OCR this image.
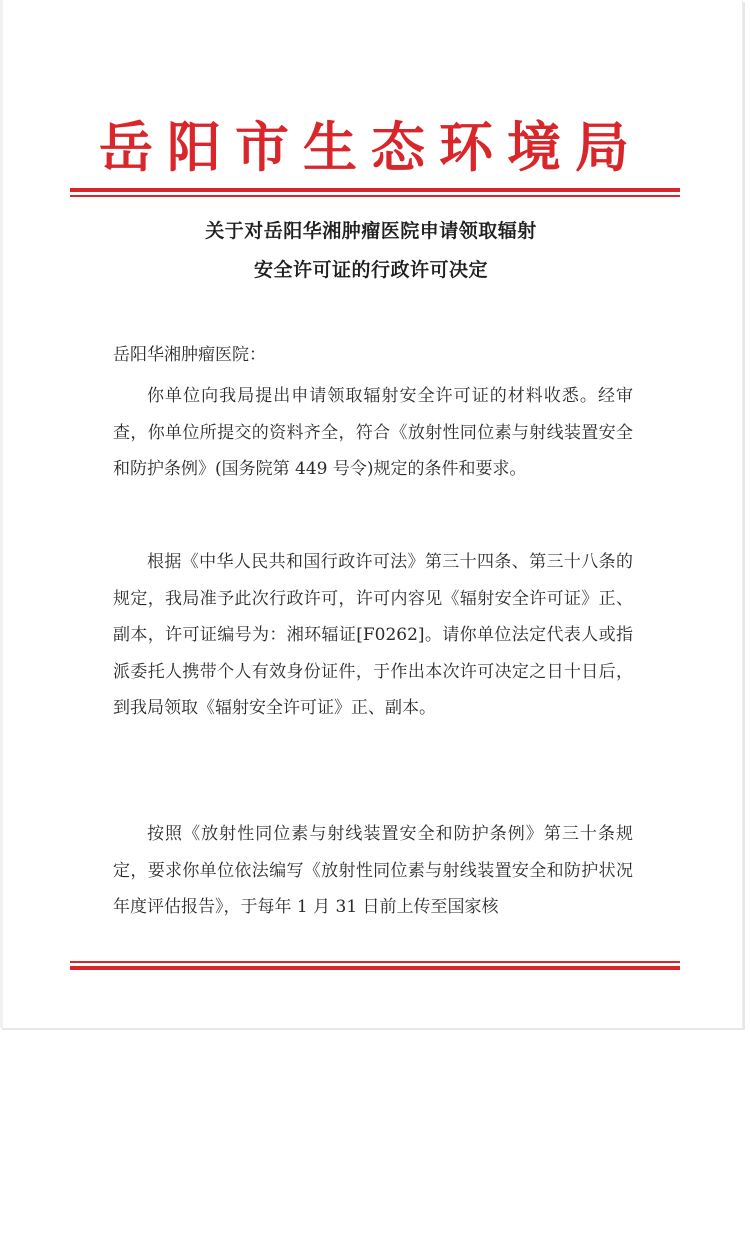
岳阳市生态环境局
关于对岳阳华湘肿瘤医院申请领取辐射
安全许可证的行政许可决定
岳阳华湘肿瘤医院：

你单位向我局提出申请领取辐射安全许可证的材料收悉。经审查，你单位所提交的资料齐全，符合《放射性同位素与射线装置安全和防护条例》(国务院第 449 号令)规定的条件和要求。

根据《中华人民共和国行政许可法》第三十四条、第三十八条的规定，我局准予此次行政许可，许可内容见《辐射安全许可证》正、副本，许可证编号为：湘环辐证[F0262]。请你单位法定代表人或指派委托人携带个人有效身份证件，于作出本次许可决定之日十日后，到我局领取《辐射安全许可证》正、副本。

按照《放射性同位素与射线装置安全和防护条例》第三十条规定，要求你单位依法编写《放射性同位素与射线装置安全和防护状况年度评估报告》，于每年 1 月 31 日前上传至国家核
